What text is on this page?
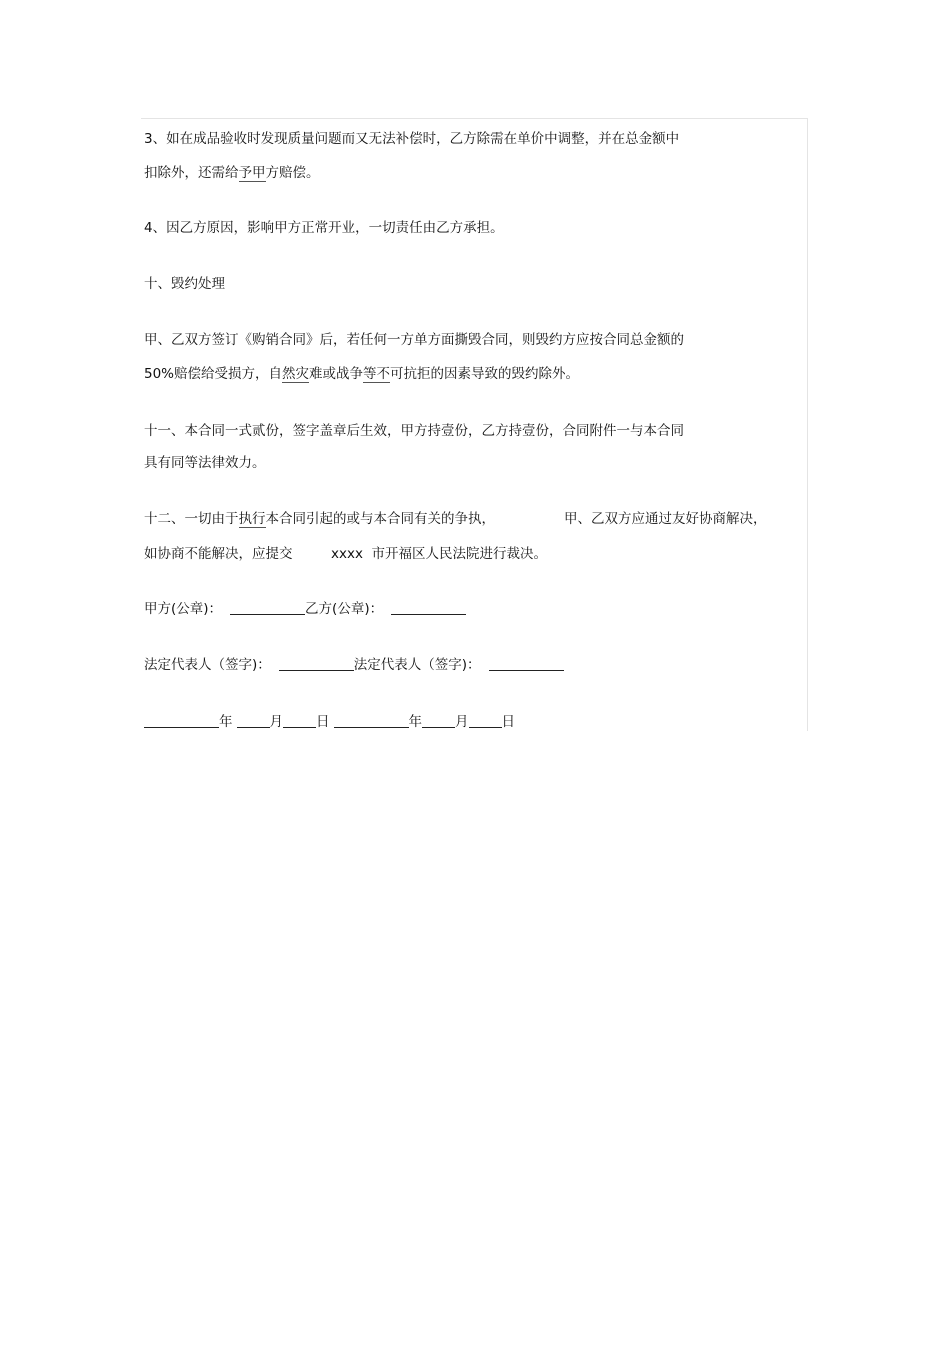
3、如在成品验收时发现质量问题而又无法补偿时，乙方除需在单价中调整，并在总金额中
扣除外，还需给予甲方赔偿。
4、因乙方原因，影响甲方正常开业，一切责任由乙方承担。
十、毁约处理
甲、乙双方签订《购销合同》后，若任何一方单方面撕毁合同，则毁约方应按合同总金额的
50%赔偿给受损方，自然灾难或战争等不可抗拒的因素导致的毁约除外。
十一、本合同一式贰份，签字盖章后生效，甲方持壹份，乙方持壹份，合同附件一与本合同
具有同等法律效力。
十二、一切由于执行本合同引起的或与本合同有关的争执，	甲、乙双方应通过友好协商解决，
如协商不能解决，应提交	xxxx  市开福区人民法院进行裁决。
甲方(公章)：	乙方(公章)：
法定代表人（签字)：	法定代表人（签字)：
年	月 日	年 月 日
